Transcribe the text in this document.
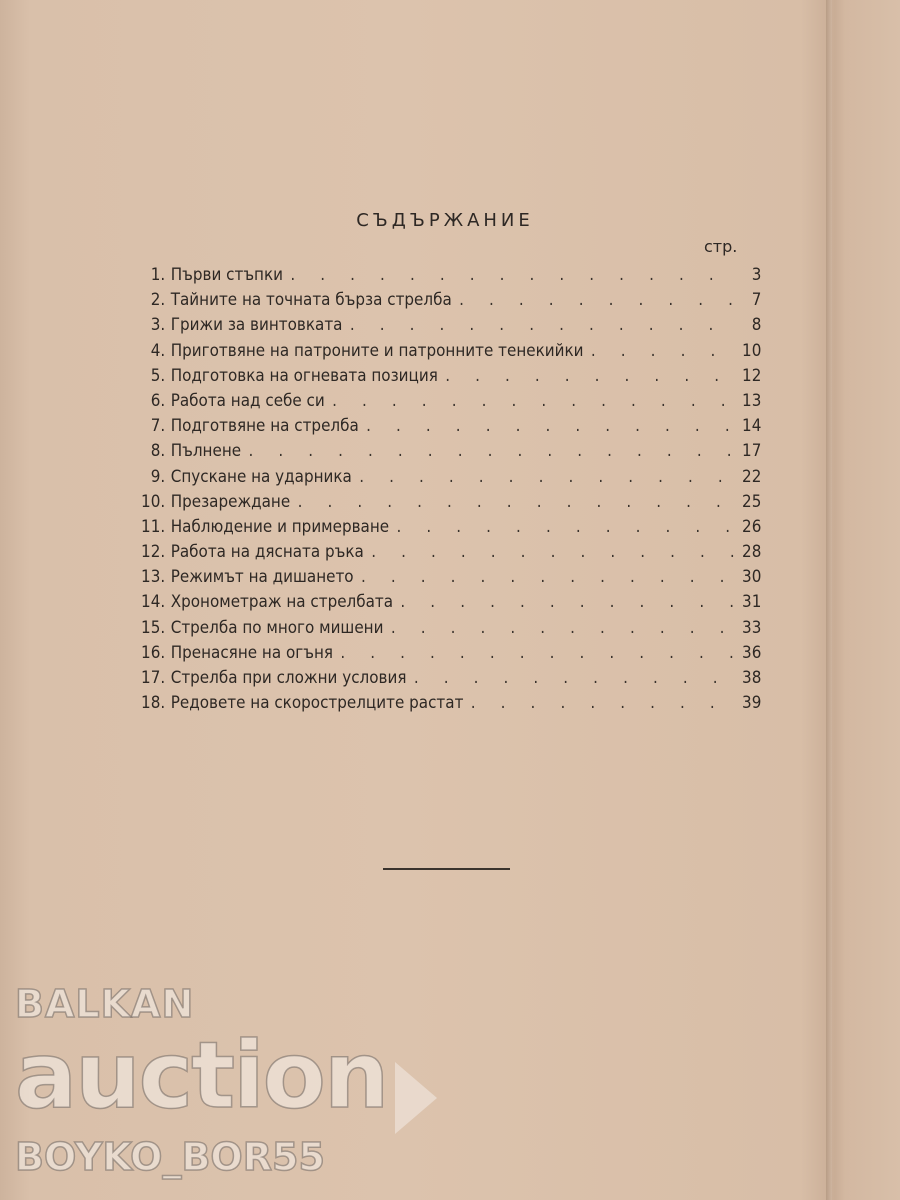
СЪДЪРЖАНИЕ
стр.
1. Първи стъпки . . .	3
2. Тайните на точната бърза стрелба . . .	7
3. Грижи за винтовката . . .	8
4. Приготвяне на патроните и патронните тенекийки . . .	10
5. Подготовка на огневата позиция . . .	12
6. Работа над себе си . . .	13
7. Подготвяне на стрелба . . .	14
8. Пълнене . . .	17
9. Спускане на ударника . . .	22
10. Презареждане . . .	25
11. Наблюдение и примерване . . .	26
12. Работа на дясната ръка . . .	28
13. Режимът на дишането . . .	30
14. Хронометраж на стрелбата . . .	31
15. Стрелба по много мишени . . .	33
16. Пренасяне на огъня . . .	36
17. Стрелба при сложни условия . . .	38
18. Редовете на скорострелците растат . . .	39
BALKAN
auction
BOYKO_BOR55
